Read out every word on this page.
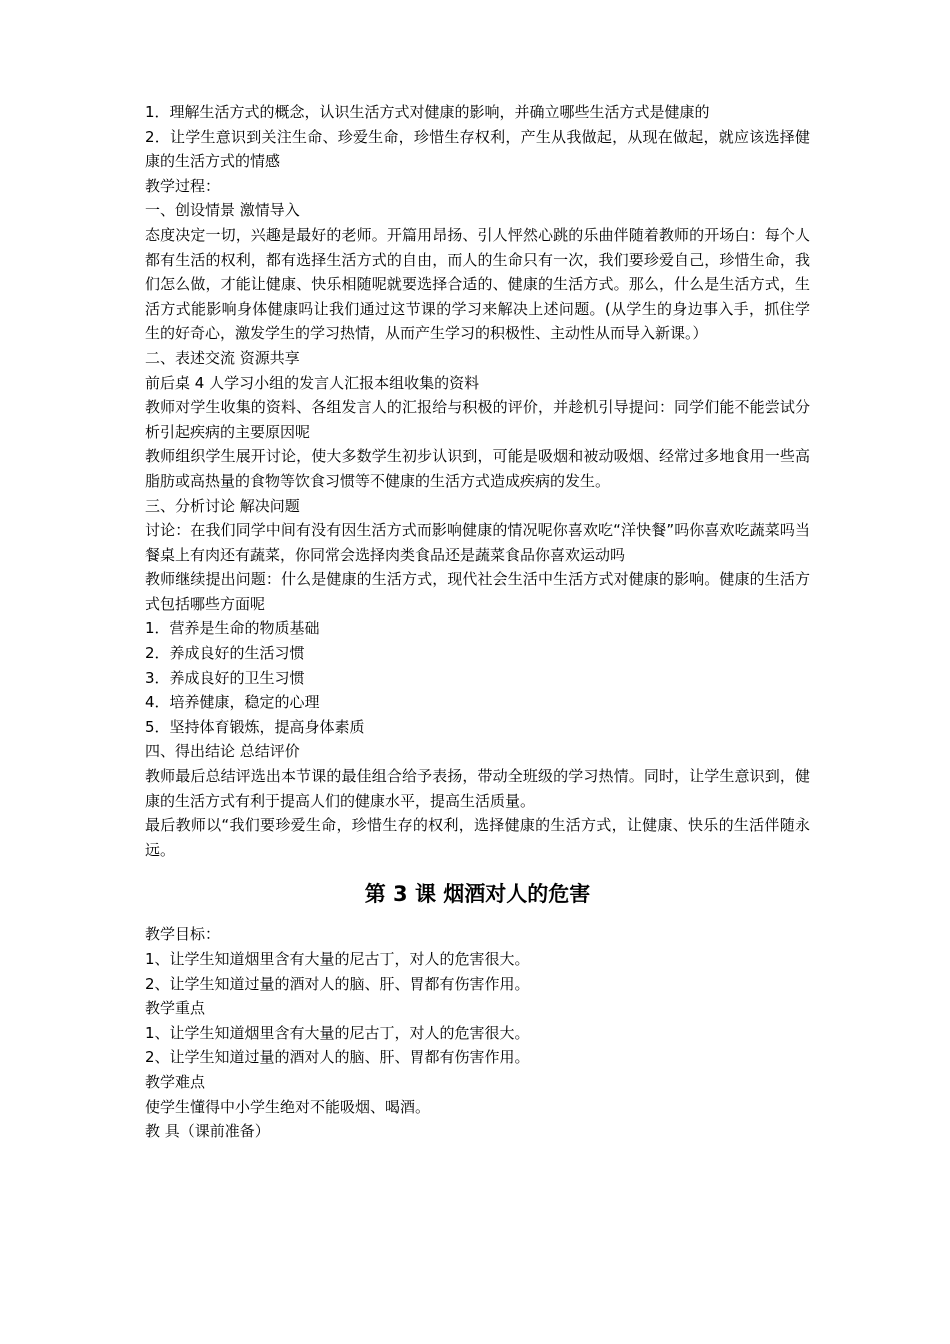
1．理解生活方式的概念，认识生活方式对健康的影响，并确立哪些生活方式是健康的

2．让学生意识到关注生命、珍爱生命，珍惜生存权利，产生从我做起，从现在做起，就应该选择健康的生活方式的情感

教学过程：

一、创设情景 激情导入

态度决定一切，兴趣是最好的老师。开篇用昂扬、引人怦然心跳的乐曲伴随着教师的开场白：每个人都有生活的权利，都有选择生活方式的自由，而人的生命只有一次，我们要珍爱自己，珍惜生命，我们怎么做，才能让健康、快乐相随呢就要选择合适的、健康的生活方式。那么，什么是生活方式，生活方式能影响身体健康吗让我们通过这节课的学习来解决上述问题。(从学生的身边事入手，抓住学生的好奇心，激发学生的学习热情，从而产生学习的积极性、主动性从而导入新课。）

二、表述交流 资源共享

前后桌 4 人学习小组的发言人汇报本组收集的资料

教师对学生收集的资料、各组发言人的汇报给与积极的评价，并趁机引导提问：同学们能不能尝试分析引起疾病的主要原因呢

教师组织学生展开讨论，使大多数学生初步认识到，可能是吸烟和被动吸烟、经常过多地食用一些高脂肪或高热量的食物等饮食习惯等不健康的生活方式造成疾病的发生。

三、分析讨论 解决问题

讨论：在我们同学中间有没有因生活方式而影响健康的情况呢你喜欢吃“洋快餐”吗你喜欢吃蔬菜吗当餐桌上有肉还有蔬菜，你同常会选择肉类食品还是蔬菜食品你喜欢运动吗

教师继续提出问题：什么是健康的生活方式，现代社会生活中生活方式对健康的影响。健康的生活方式包括哪些方面呢

1．营养是生命的物质基础

2．养成良好的生活习惯

3．养成良好的卫生习惯

4．培养健康，稳定的心理

5．坚持体育锻炼，提高身体素质

四、得出结论 总结评价

教师最后总结评选出本节课的最佳组合给予表扬，带动全班级的学习热情。同时，让学生意识到，健康的生活方式有利于提高人们的健康水平，提高生活质量。

最后教师以“我们要珍爱生命，珍惜生存的权利，选择健康的生活方式，让健康、快乐的生活伴随永远。

第 3 课 烟酒对人的危害

教学目标：

1、让学生知道烟里含有大量的尼古丁，对人的危害很大。

2、让学生知道过量的酒对人的脑、肝、胃都有伤害作用。

教学重点

1、让学生知道烟里含有大量的尼古丁，对人的危害很大。

2、让学生知道过量的酒对人的脑、肝、胃都有伤害作用。

教学难点

使学生懂得中小学生绝对不能吸烟、喝酒。

教 具（课前准备）
